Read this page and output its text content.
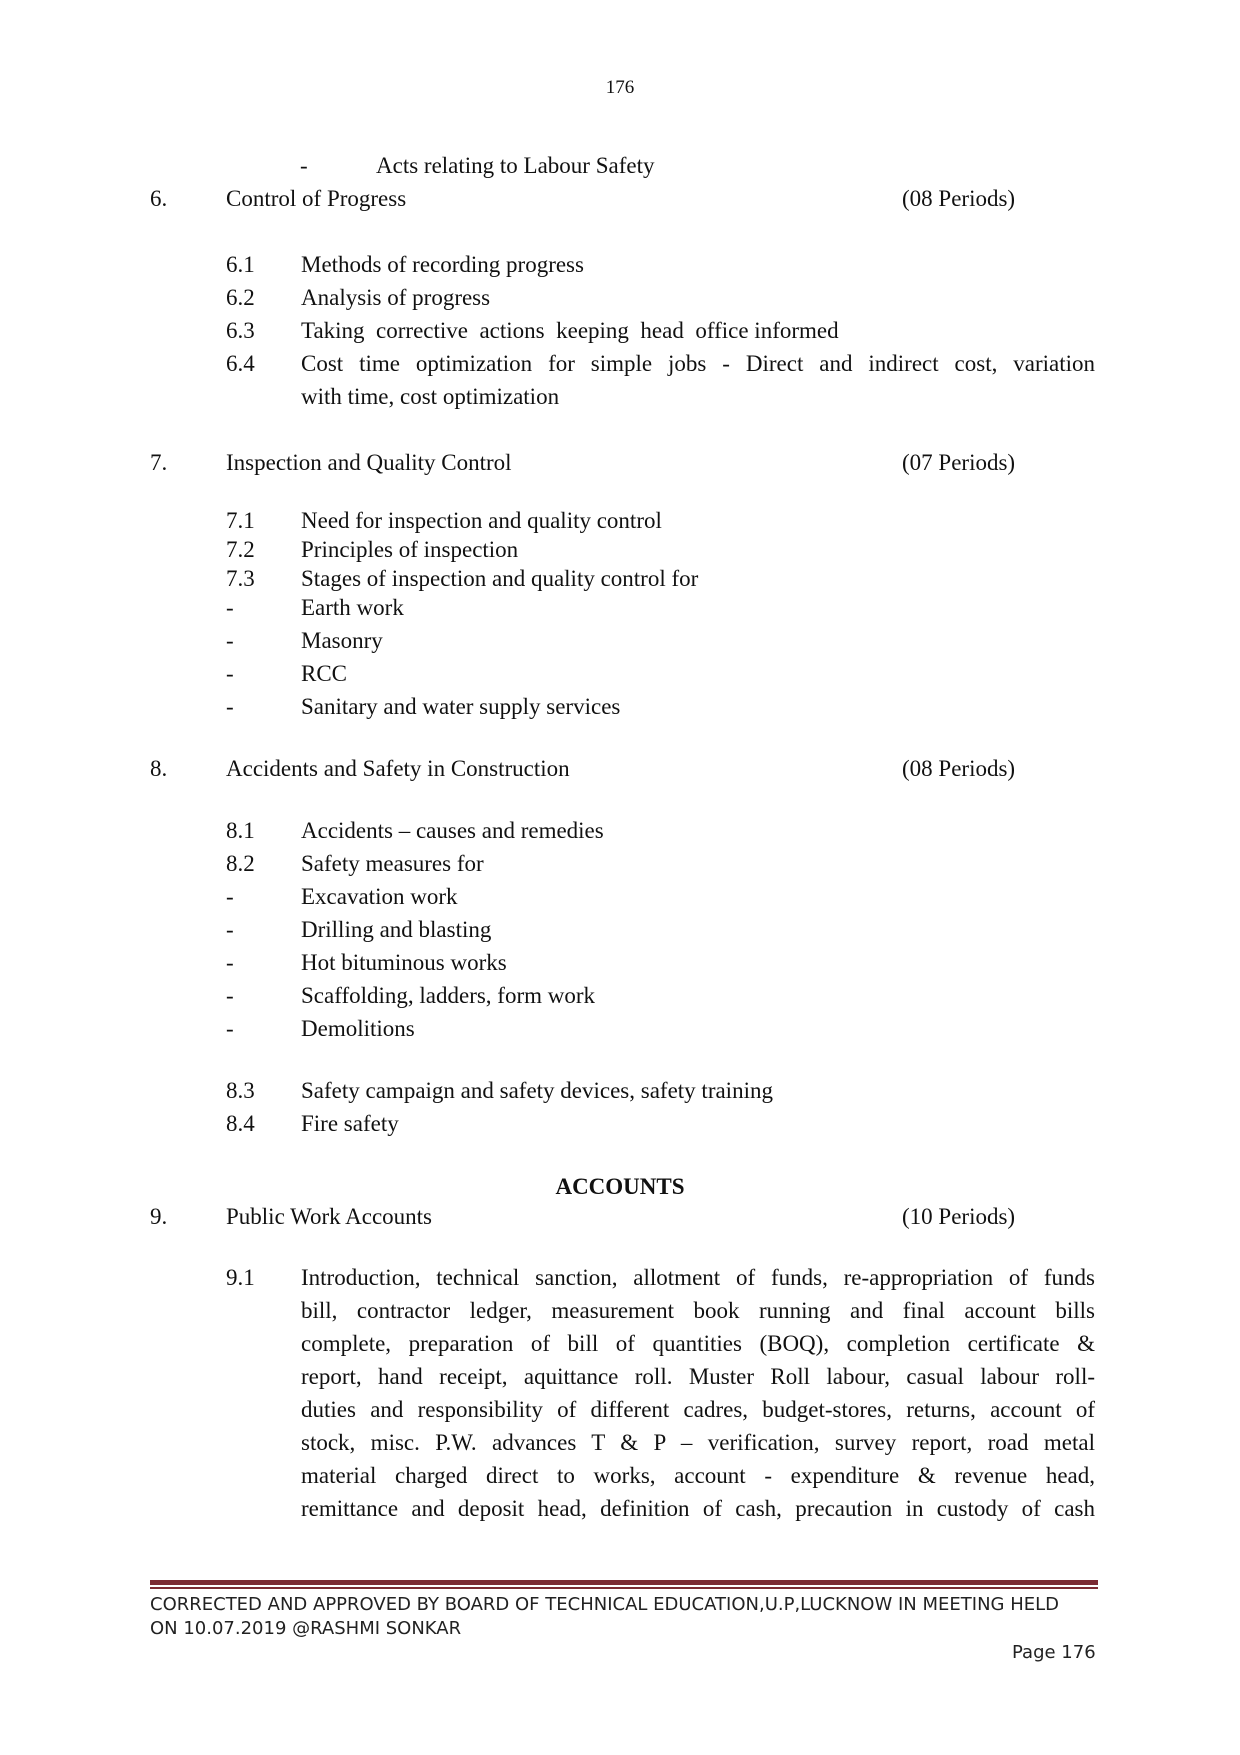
176
-	Acts relating to Labour Safety
6.	Control of Progress	(08 Periods)
6.1 Methods of recording progress
6.2 Analysis of progress
6.3 Taking  corrective  actions  keeping  head  office informed
6.4 Cost time optimization for simple jobs - Direct and indirect cost, variation
with time, cost optimization
7.	Inspection and Quality Control	(07 Periods)
7.1 Need for inspection and quality control
7.2 Principles of inspection
7.3 Stages of inspection and quality control for
-	Earth work
-	Masonry
-	RCC
-	Sanitary and water supply services
8.	Accidents and Safety in Construction	(08 Periods)
8.1 Accidents – causes and remedies
8.2 Safety measures for
-	Excavation work
-	Drilling and blasting
-	Hot bituminous works
-	Scaffolding, ladders, form work
-	Demolitions
8.3 Safety campaign and safety devices, safety training
8.4 Fire safety
ACCOUNTS
9.	Public Work Accounts	(10 Periods)
9.1 Introduction, technical sanction, allotment of funds, re-appropriation of funds
bill, contractor ledger, measurement book running and final account bills
complete, preparation of bill of quantities (BOQ), completion certificate &
report, hand receipt, aquittance roll. Muster Roll labour, casual labour roll-
duties and responsibility of different cadres, budget-stores, returns, account of
stock, misc. P.W. advances T & P – verification, survey report, road metal
material charged direct to works, account - expenditure & revenue head,
remittance and deposit head, definition of cash, precaution in custody of cash
CORRECTED AND APPROVED BY BOARD OF TECHNICAL EDUCATION,U.P,LUCKNOW IN MEETING HELD
ON 10.07.2019 @RASHMI SONKAR
Page 176
